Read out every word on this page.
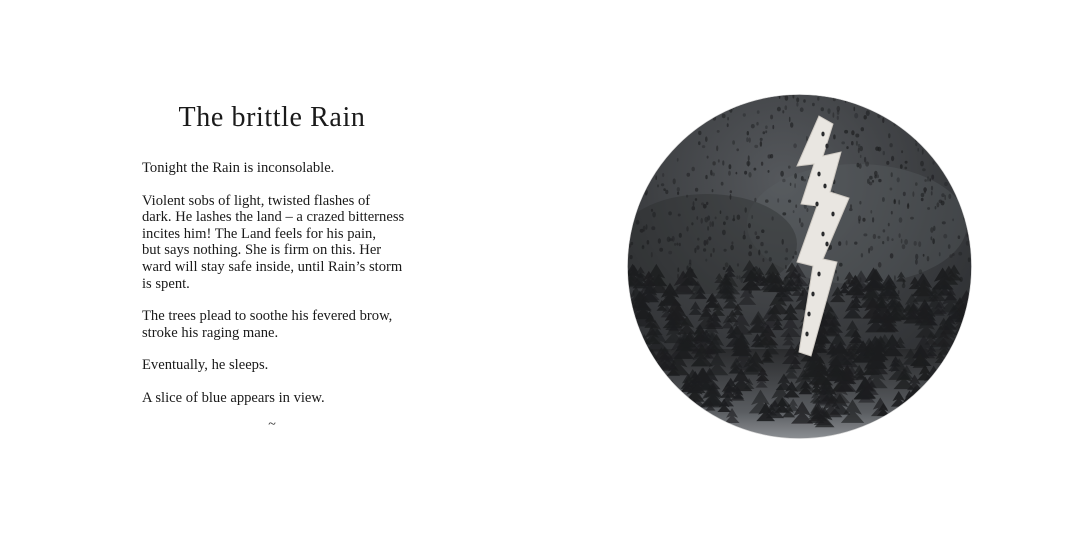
The brittle Rain

Tonight the Rain is inconsolable.

Violent sobs of light, twisted flashes of
dark. He lashes the land – a crazed bitterness
incites him! The Land feels for his pain,
but says nothing. She is firm on this. Her
ward will stay safe inside, until Rain’s storm
is spent.

The trees plead to soothe his fevered brow,
stroke his raging mane.

Eventually, he sleeps.

A slice of blue appears in view.

~
